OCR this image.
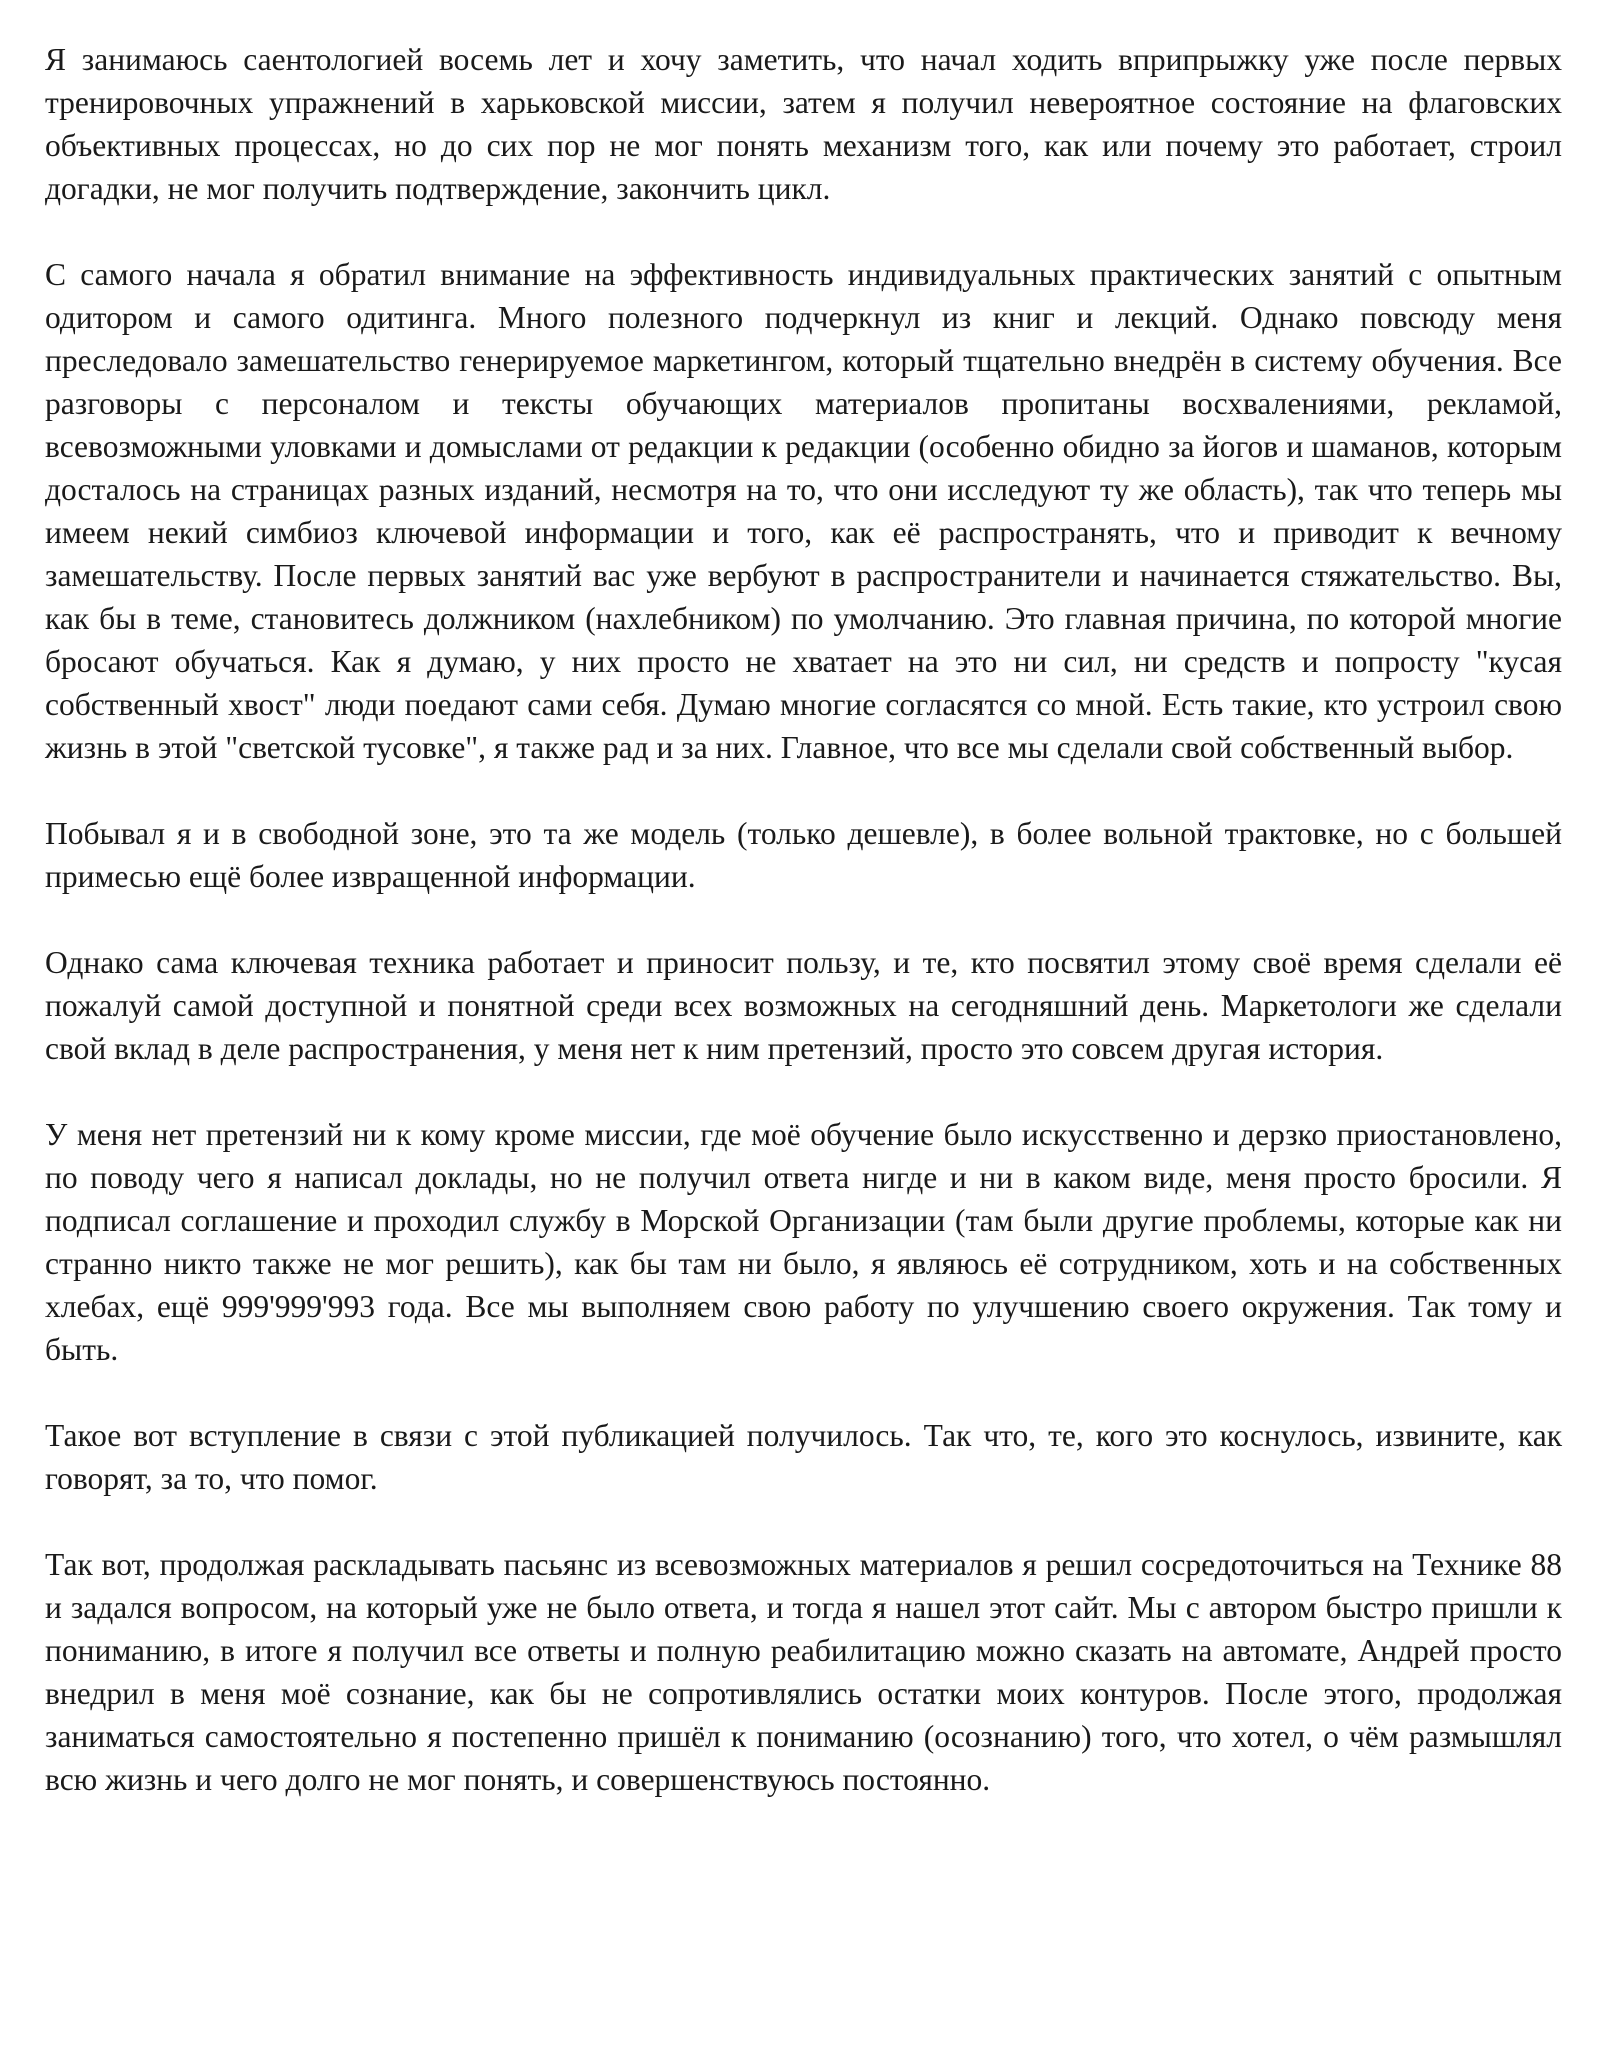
Я занимаюсь саентологией восемь лет и хочу заметить, что начал ходить вприпрыжку уже после первых тренировочных упражнений в харьковской миссии, затем я получил невероятное состояние на флаговских объективных процессах, но до сих пор не мог понять механизм того, как или почему это работает, строил догадки, не мог получить подтверждение, закончить цикл.

С самого начала я обратил внимание на эффективность индивидуальных практических занятий с опытным одитором и самого одитинга. Много полезного подчеркнул из книг и лекций. Однако повсюду меня преследовало замешательство генерируемое маркетингом, который тщательно внедрён в систему обучения. Все разговоры с персоналом и тексты обучающих материалов пропитаны восхвалениями, рекламой, всевозможными уловками и домыслами от редакции к редакции (особенно обидно за йогов и шаманов, которым досталось на страницах разных изданий, несмотря на то, что они исследуют ту же область), так что теперь мы имеем некий симбиоз ключевой информации и того, как её распространять, что и приводит к вечному замешательству. После первых занятий вас уже вербуют в распространители и начинается стяжательство. Вы, как бы в теме, становитесь должником (нахлебником) по умолчанию. Это главная причина, по которой многие бросают обучаться. Как я думаю, у них просто не хватает на это ни сил, ни средств и попросту "кусая собственный хвост" люди поедают сами себя. Думаю многие согласятся со мной. Есть такие, кто устроил свою жизнь в этой "светской тусовке", я также рад и за них. Главное, что все мы сделали свой собственный выбор.

Побывал я и в свободной зоне, это та же модель (только дешевле), в более вольной трактовке, но с большей примесью ещё более извращенной информации.

Однако сама ключевая техника работает и приносит пользу, и те, кто посвятил этому своё время сделали её пожалуй самой доступной и понятной среди всех возможных на сегодняшний день. Маркетологи же сделали свой вклад в деле распространения, у меня нет к ним претензий, просто это совсем другая история.

У меня нет претензий ни к кому кроме миссии, где моё обучение было искусственно и дерзко приостановлено, по поводу чего я написал доклады, но не получил ответа нигде и ни в каком виде, меня просто бросили. Я подписал соглашение и проходил службу в Морской Организации (там были другие проблемы, которые как ни странно никто также не мог решить), как бы там ни было, я являюсь её сотрудником, хоть и на собственных хлебах, ещё 999'999'993 года. Все мы выполняем свою работу по улучшению своего окружения. Так тому и быть.

Такое вот вступление в связи с этой публикацией получилось. Так что, те, кого это коснулось, извините, как говорят, за то, что помог.

Так вот, продолжая раскладывать пасьянс из всевозможных материалов я решил сосредоточиться на Технике 88 и задался вопросом, на который уже не было ответа, и тогда я нашел этот сайт. Мы с автором быстро пришли к пониманию, в итоге я получил все ответы и полную реабилитацию можно сказать на автомате, Андрей просто внедрил в меня моё сознание, как бы не сопротивлялись остатки моих контуров. После этого, продолжая заниматься самостоятельно я постепенно пришёл к пониманию (осознанию) того, что хотел, о чём размышлял всю жизнь и чего долго не мог понять, и совершенствуюсь постоянно.
